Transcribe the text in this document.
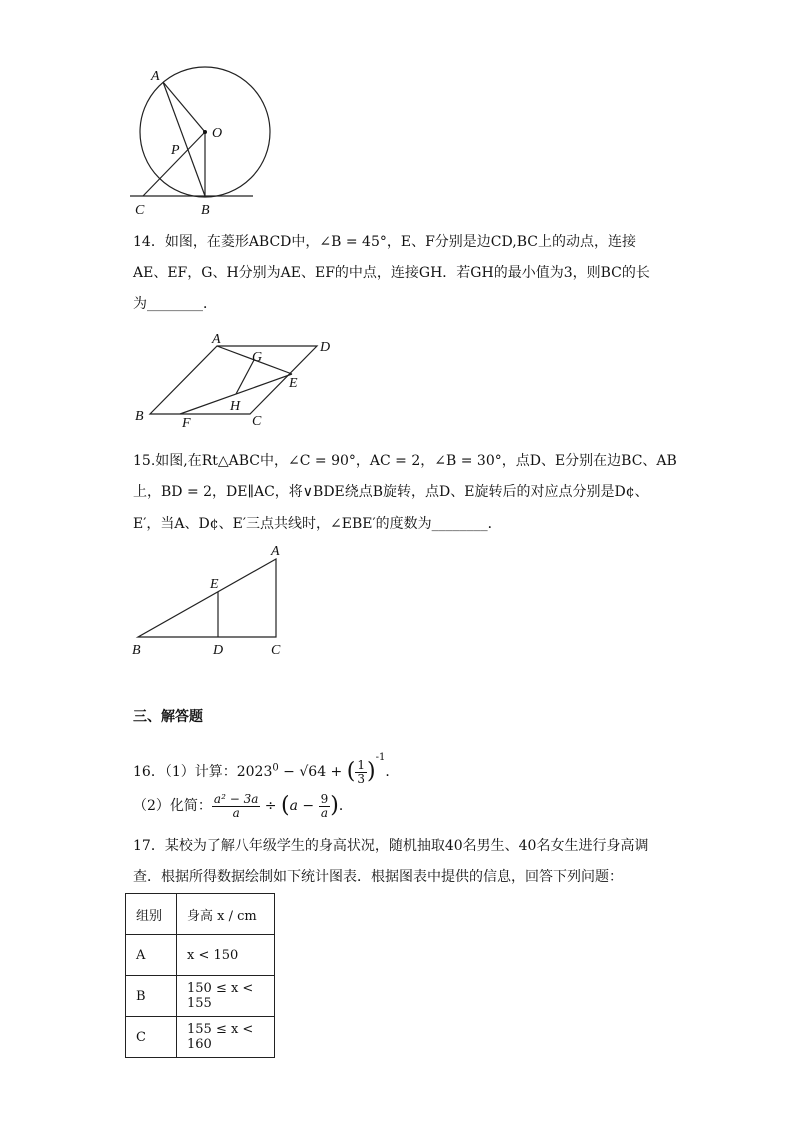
A
O
P
C	B
14．如图，在菱形ABCD中，∠B = 45°，E、F分别是边CD,BC上的动点，连接
AE、EF，G、H分别为AE、EF的中点，连接GH．若GH的最小值为3，则BC的长
为________．
A
D
G
E
H
B	F	C
15.如图,在Rt△ABC中，∠C = 90°，AC = 2，∠B = 30°，点D、E分别在边BC、AB
上，BD = 2，DE∥AC，将∨BDE绕点B旋转，点D、E旋转后的对应点分别是D¢、
E′，当A、D¢、E′三点共线时，∠EBE′的度数为________．
A
E
B	D	C
三、解答题
16．（1）计算：$2023^0 - √64$ + ( $\frac{1}{3} )^{-1}$．
（2）化简： $\frac{\text{a² − 3a}}{a} \div (a - \frac{9}{a}$ )．
17．某校为了解八年级学生的身高状况，随机抽取40名男生、40名女生进行身高调
查．根据所得数据绘制如下统计图表．根据图表中提供的信息，回答下列问题：
组别	身高 x / cm
A	x < 150
B	150 ≤ x < 155
C	155 ≤ x < 160
